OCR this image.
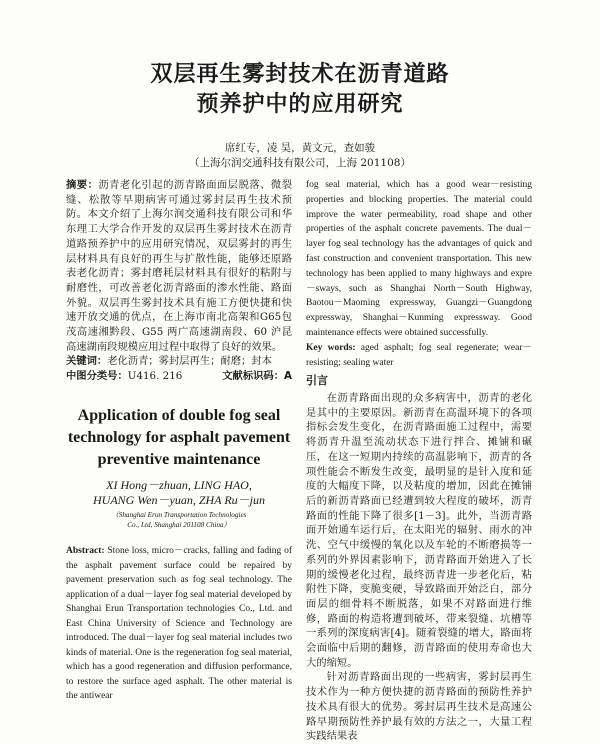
双层再生雾封技术在沥青道路
预养护中的应用研究
席红专，凌 昊，黄文元，查如骏
（上海尔润交通科技有限公司，上海 201108）

摘要：沥青老化引起的沥青路面面层脱落、微裂缝、松散等早期病害可通过雾封层再生技术预防。本文介绍了上海尔润交通科技有限公司和华东理工大学合作开发的双层再生雾封技术在沥青道路预养护中的应用研究情况，双层雾封的再生层材料具有良好的再生与扩散性能，能够还原路表老化沥青；雾封磨耗层材料具有很好的粘附与耐磨性，可改善老化沥青路面的渗水性能、路面外貌。双层再生雾封技术具有施工方便快捷和快速开放交通的优点，在上海市南北高架和G65包茂高速湘黔段、G55 两广高速湖南段、60 沪昆高速湖南段规模应用过程中取得了良好的效果。

关键词：老化沥青；雾封层再生；耐磨；封本

中图分类号：U416. 216	文献标识码：A
Application of double fog seal technology for asphalt pavement preventive maintenance
XI Hong－zhuan, LING HAO,
HUANG Wen－yuan, ZHA Ru－jun
（Shanghai Erun Transportation Technologies
Co., Ltd, Shanghai 201108 China）
Abstract: Stone loss, micro－cracks, falling and fading of the asphalt pavement surface could be repaired by pavement preservation such as fog seal technology. The application of a dual－layer fog seal material developed by Shanghai Erun Transportation technologies Co., Ltd. and East China University of Science and Technology are introduced. The dual－layer fog seal material includes two kinds of material. One is the regeneration fog seal material, which has a good regeneration and diffusion performance, to restore the surface aged asphalt. The other material is the antiwear

fog seal material, which has a good wear－resisting properties and blocking properties. The material could improve the water permeability, road shape and other properties of the asphalt concrete pavements. The dual－layer fog seal technology has the advantages of quick and fast construction and convenient transportation. This new technology has been applied to many highways and expre－sways, such as Shanghai North－South Highway, Baotou－Maoming expressway, Guangzi－Guangdong expressway, Shanghai－Kunming expressway. Good maintenance effects were obtained successfully.

Key words: aged asphalt; fog seal regenerate; wear－resisting; sealing water

引言

在沥青路面出现的众多病害中，沥青的老化是其中的主要原因。新沥青在高温环境下的各项指标会发生变化，在沥青路面施工过程中，需要将沥青升温至流动状态下进行拌合、摊铺和碾压，在这一短期内持续的高温影响下，沥青的各项性能会不断发生改变，最明显的是针入度和延度的大幅度下降，以及粘度的增加，因此在摊铺后的新沥青路面已经遭到较大程度的破坏，沥青路面的性能下降了很多[1－3]。此外，当沥青路面开始通车运行后，在太阳光的辐射、雨水的冲洗、空气中缓慢的氧化以及车轮的不断磨损等一系列的外界因素影响下，沥青路面开始进入了长期的缓慢老化过程，最终沥青进一步老化后，粘附性下降，变脆变硬，导致路面开始泛白，部分面层的细骨料不断脱落，如果不对路面进行维修，路面的构造将遭到破坏，带来裂缝、坑槽等一系列的深度病害[4]。随着裂缝的增大，路面将会面临中后期的翻修，沥青路面的使用寿命也大大的缩短。

针对沥青路面出现的一些病害，雾封层再生技术作为一种方便快捷的沥青路面的预防性养护技术具有很大的优势。雾封层再生技术是高速公路早期预防性养护最有效的方法之一，大量工程实践结果表
